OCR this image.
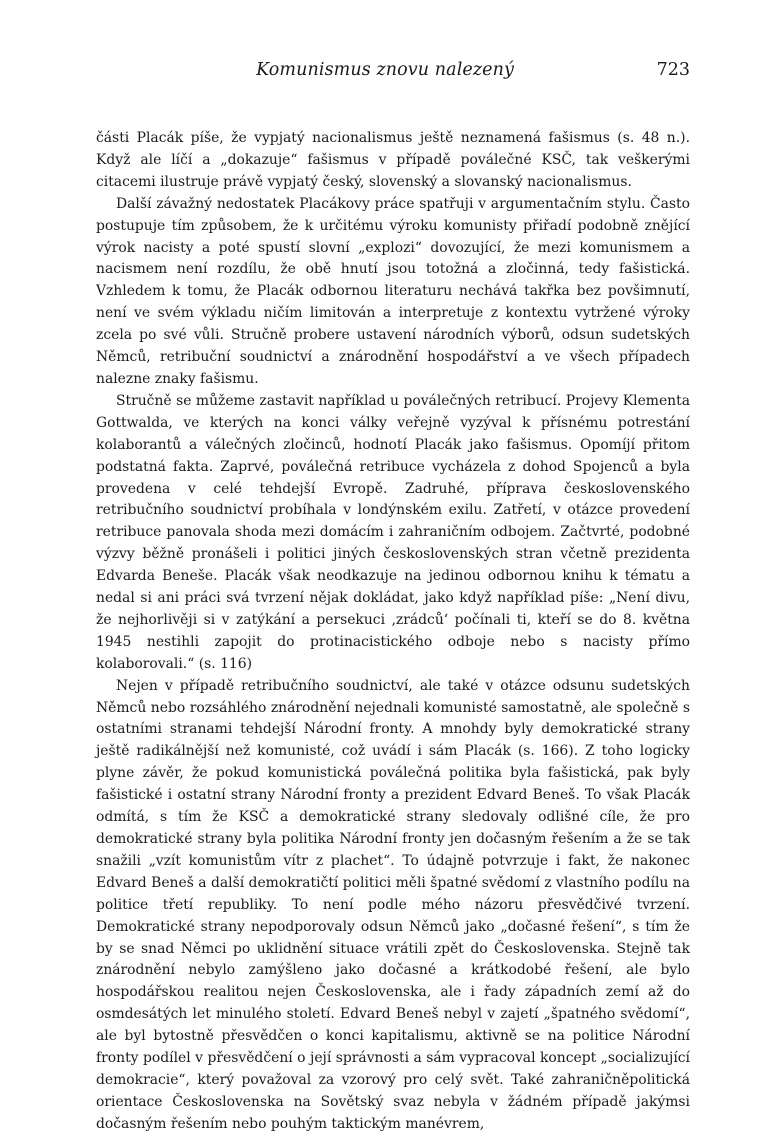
Komunismus znovu nalezený	723

části Placák píše, že vypjatý nacionalismus ještě neznamená fašismus (s. 48 n.). Když ale líčí a „dokazuje“ fašismus v případě poválečné KSČ, tak veškerými citacemi ilustruje právě vypjatý český, slovenský a slovanský nacionalismus.

Další závažný nedostatek Placákovy práce spatřuji v argumentačním stylu. Často postupuje tím způsobem, že k určitému výroku komunisty přiřadí podobně znějící výrok nacisty a poté spustí slovní „explozi“ dovozující, že mezi komunismem a nacismem není rozdílu, že obě hnutí jsou totožná a zločinná, tedy fašistická. Vzhledem k tomu, že Placák odbornou literaturu nechává takřka bez povšimnutí, není ve svém výkladu ničím limitován a interpretuje z kontextu vytržené výroky zcela po své vůli. Stručně probere ustavení národních výborů, odsun sudetských Němců, retribuční soudnictví a znárodnění hospodářství a ve všech případech nalezne znaky fašismu.

Stručně se můžeme zastavit například u poválečných retribucí. Projevy Klementa Gottwalda, ve kterých na konci války veřejně vyzýval k přísnému potrestání kolaborantů a válečných zločinců, hodnotí Placák jako fašismus. Opomíjí přitom podstatná fakta. Zaprvé, poválečná retribuce vycházela z dohod Spojenců a byla provedena v celé tehdejší Evropě. Zadruhé, příprava československého retribučního soudnictví probíhala v londýnském exilu. Zatřetí, v otázce provedení retribuce panovala shoda mezi domácím i zahraničním odbojem. Začtvrté, podobné výzvy běžně pronášeli i politici jiných československých stran včetně prezidenta Edvarda Beneše. Placák však neodkazuje na jedinou odbornou knihu k tématu a nedal si ani práci svá tvrzení nějak dokládat, jako když například píše: „Není divu, že nejhorlivěji si v zatýkání a persekuci ‚zrádců‘ počínali ti, kteří se do 8. května 1945 nestihli zapojit do protinacistického odboje nebo s nacisty přímo kolaborovali.“ (s. 116)

Nejen v případě retribučního soudnictví, ale také v otázce odsunu sudetských Němců nebo rozsáhlého znárodnění nejednali komunisté samostatně, ale společně s ostatními stranami tehdejší Národní fronty. A mnohdy byly demokratické strany ještě radikálnější než komunisté, což uvádí i sám Placák (s. 166). Z toho logicky plyne závěr, že pokud komunistická poválečná politika byla fašistická, pak byly fašistické i ostatní strany Národní fronty a prezident Edvard Beneš. To však Placák odmítá, s tím že KSČ a demokratické strany sledovaly odlišné cíle, že pro demokratické strany byla politika Národní fronty jen dočasným řešením a že se tak snažili „vzít komunistům vítr z plachet“. To údajně potvrzuje i fakt, že nakonec Edvard Beneš a další demokratičtí politici měli špatné svědomí z vlastního podílu na politice třetí republiky. To není podle mého názoru přesvědčivé tvrzení. Demokratické strany nepodporovaly odsun Němců jako „dočasné řešení“, s tím že by se snad Němci po uklidnění situace vrátili zpět do Československa. Stejně tak znárodnění nebylo zamýšleno jako dočasné a krátkodobé řešení, ale bylo hospodářskou realitou nejen Československa, ale i řady západních zemí až do osmdesátých let minulého století. Edvard Beneš nebyl v zajetí „špatného svědomí“, ale byl bytostně přesvědčen o konci kapitalismu, aktivně se na politice Národní fronty podílel v přesvědčení o její správnosti a sám vypracoval koncept „socializující demokracie“, který považoval za vzorový pro celý svět. Také zahraničněpolitická orientace Československa na Sovětský svaz nebyla v žádném případě jakýmsi dočasným řešením nebo pouhým taktickým manévrem,
